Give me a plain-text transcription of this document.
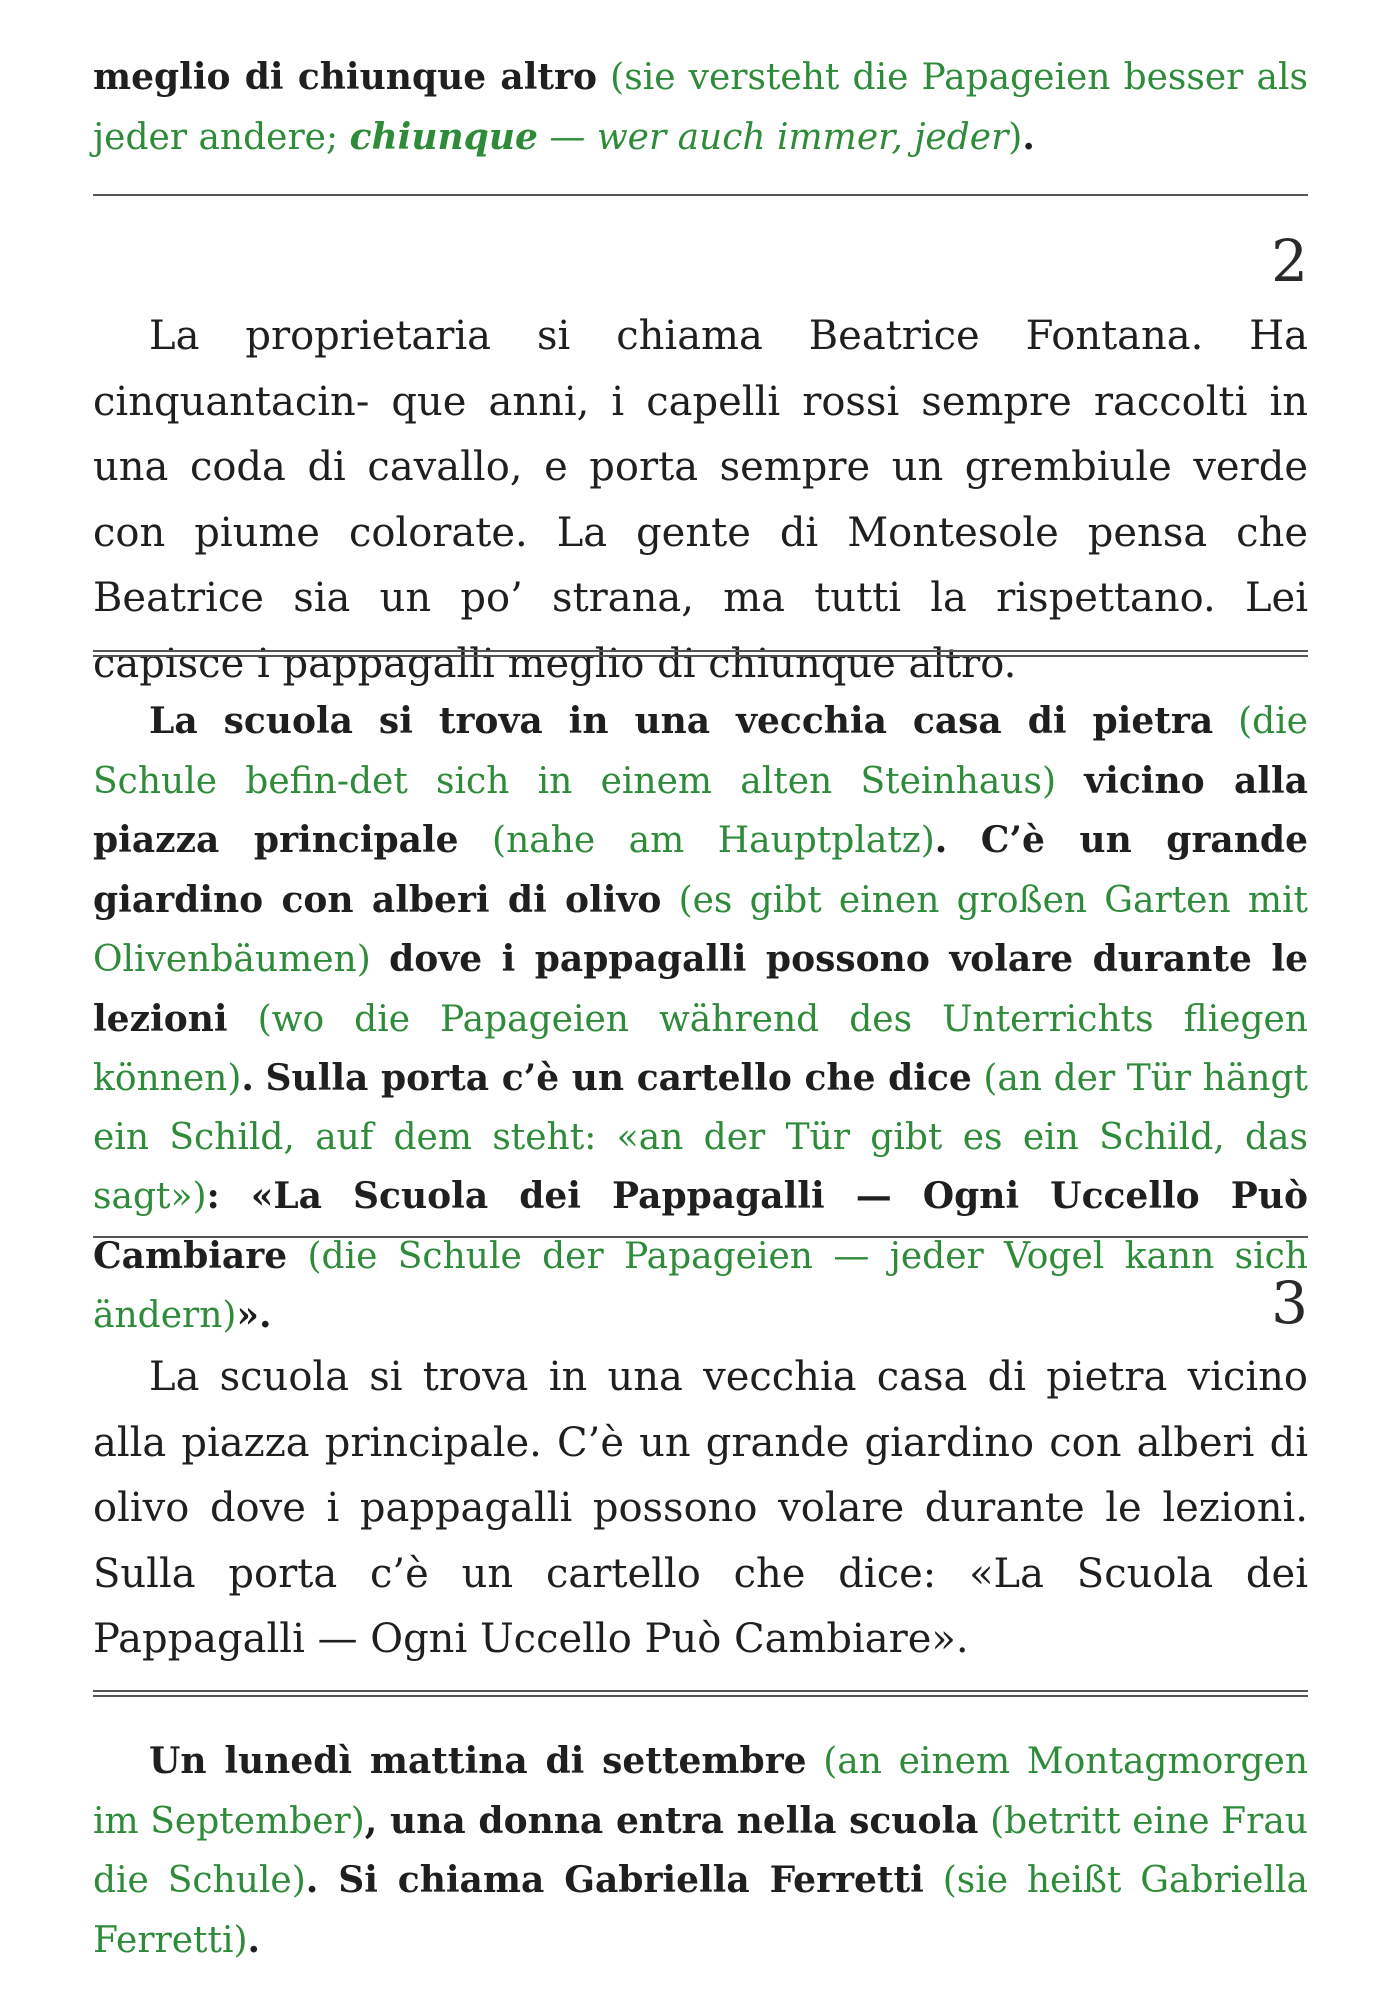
meglio di chiunque altro (sie versteht die Papageien besser als jeder andere; chiunque — wer auch immer, jeder).

2

La proprietaria si chiama Beatrice Fontana. Ha cinquantacin- que anni, i capelli rossi sempre raccolti in una coda di cavallo, e porta sempre un grembiule verde con piume colorate. La gente di Montesole pensa che Beatrice sia un po’ strana, ma tutti la rispettano. Lei capisce i pappagalli meglio di chiunque altro.

La scuola si trova in una vecchia casa di pietra (die Schule befin-det sich in einem alten Steinhaus) vicino alla piazza principale (nahe am Hauptplatz). C’è un grande giardino con alberi di olivo (es gibt einen großen Garten mit Olivenbäumen) dove i pappagalli possono volare durante le lezioni (wo die Papageien während des Unterrichts fliegen können). Sulla porta c’è un cartello che dice (an der Tür hängt ein Schild, auf dem steht: «an der Tür gibt es ein Schild, das sagt»): «La Scuola dei Pappagalli — Ogni Uccello Può Cambiare (die Schule der Papageien — jeder Vogel kann sich ändern)».	3

La scuola si trova in una vecchia casa di pietra vicino alla piazza principale. C’è un grande giardino con alberi di olivo dove i pappagalli possono volare durante le lezioni. Sulla porta c’è un cartello che dice: «La Scuola dei Pappagalli — Ogni Uccello Può Cambiare».

Un lunedì mattina di settembre (an einem Montagmorgen im September), una donna entra nella scuola (betritt eine Frau die Schule). Si chiama Gabriella Ferretti (sie heißt Gabriella Ferretti).
